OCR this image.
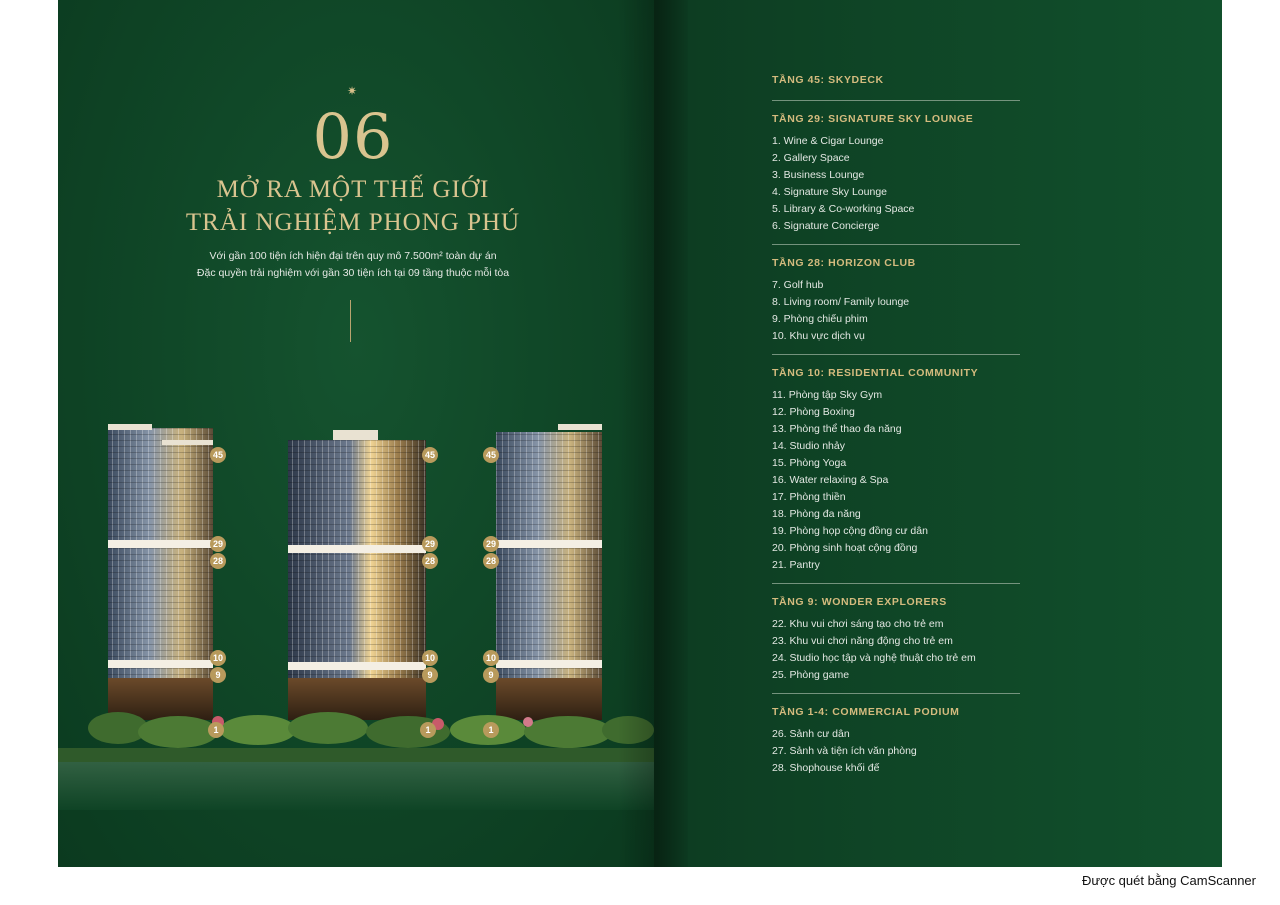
✷
06
MỞ RA MỘT THẾ GIỚI
TRẢI NGHIỆM PHONG PHÚ
Với gần 100 tiện ích hiện đại trên quy mô 7.500m² toàn dự án
Đặc quyền trải nghiệm với gần 30 tiện ích tại 09 tầng thuộc mỗi tòa
45
29
28
10
9
1
45
29
28
10
9
1
45
29
28
10
9
1
TẦNG 45: SKYDECK
TẦNG 29: SIGNATURE SKY LOUNGE
1. Wine & Cigar Lounge
2. Gallery Space
3. Business Lounge
4. Signature Sky Lounge
5. Library & Co-working Space
6. Signature Concierge
TẦNG 28: HORIZON CLUB
7. Golf hub
8. Living room/ Family lounge
9. Phòng chiếu phim
10. Khu vực dịch vụ
TẦNG 10: RESIDENTIAL COMMUNITY
11. Phòng tập Sky Gym
12. Phòng Boxing
13. Phòng thể thao đa năng
14. Studio nhảy
15. Phòng Yoga
16. Water relaxing & Spa
17. Phòng thiền
18. Phòng đa năng
19. Phòng họp cộng đồng cư dân
20. Phòng sinh hoạt cộng đồng
21. Pantry
TẦNG 9: WONDER EXPLORERS
22. Khu vui chơi sáng tạo cho trẻ em
23. Khu vui chơi năng động cho trẻ em
24. Studio học tập và nghệ thuật cho trẻ em
25. Phòng game
TẦNG 1-4: COMMERCIAL PODIUM
26. Sảnh cư dân
27. Sảnh và tiện ích văn phòng
28. Shophouse khối đế
Được quét bằng CamScanner
